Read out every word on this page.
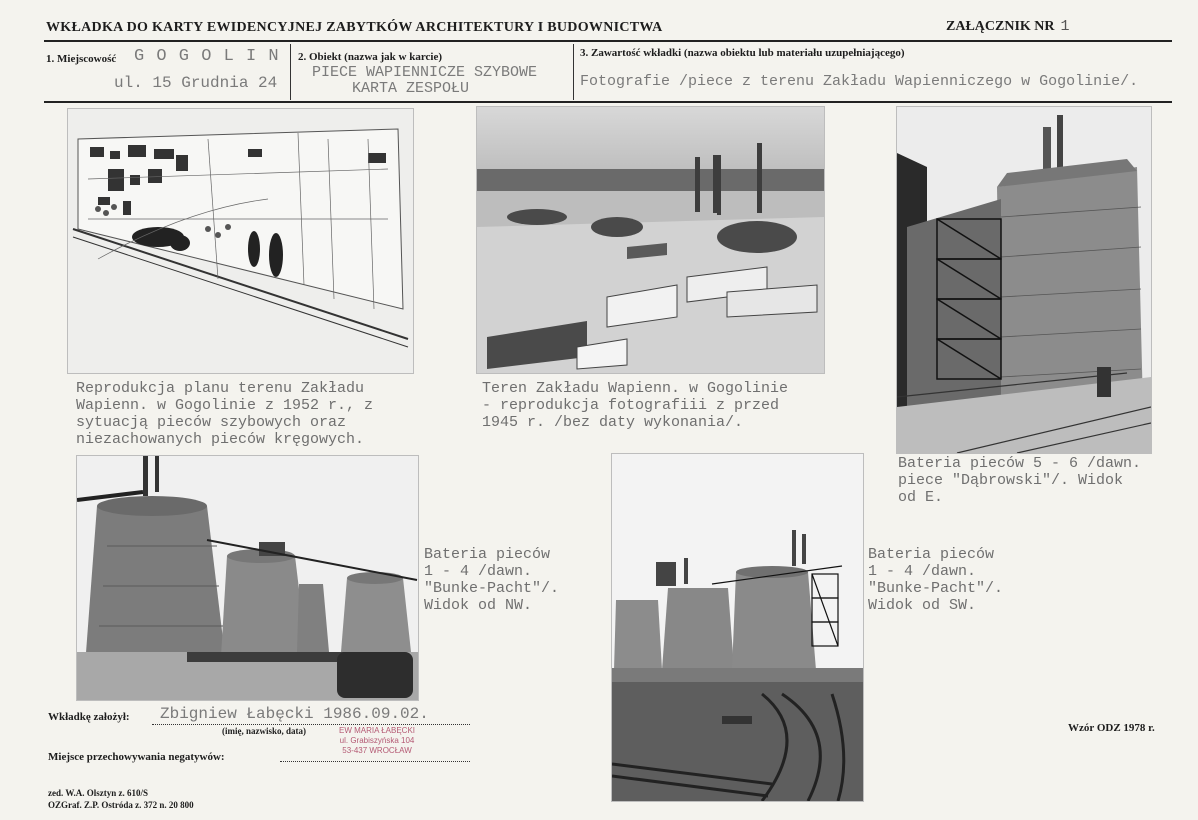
WKŁADKA DO KARTY EWIDENCYJNEJ ZABYTKÓW ARCHITEKTURY I BUDOWNICTWA	ZAŁĄCZNIK NR 1
1. Miejscowość G O G O L I N
ul. 15 Grudnia 24
2. Obiekt (nazwa jak w karcie)
PIECE WAPIENNICZE SZYBOWE
KARTA ZESPOŁU
3. Zawartość wkładki (nazwa obiektu lub materiału uzupełniającego)
Fotografie /piece z terenu Zakładu Wapienniczego w Gogolinie/.
Reprodukcja planu terenu Zakładu
Wapienn. w Gogolinie z 1952 r., z
sytuacją pieców szybowych oraz
niezachowanych pieców kręgowych.
Teren Zakładu Wapienn. w Gogolinie
- reprodukcja fotografiii z przed
1945 r. /bez daty wykonania/.
Bateria pieców 5 - 6 /dawn.
piece "Dąbrowski"/. Widok
od E.
Bateria pieców
1 - 4 /dawn.
"Bunke-Pacht"/.
Widok od NW.
Bateria pieców
1 - 4 /dawn.
"Bunke-Pacht"/.
Widok od SW.
Wkładkę założył: Zbigniew Łabęcki 1986.09.02.
(imię, nazwisko, data)	EW MARIA ŁABĘCKI
ul. Grabiszyńska 104
53-437 WROCŁAW
Miejsce przechowywania negatywów:
Wzór ODZ 1978 r.
zed. W.A. Olsztyn z. 610/S
OZGraf. Z.P. Ostróda z. 372 n. 20 800
